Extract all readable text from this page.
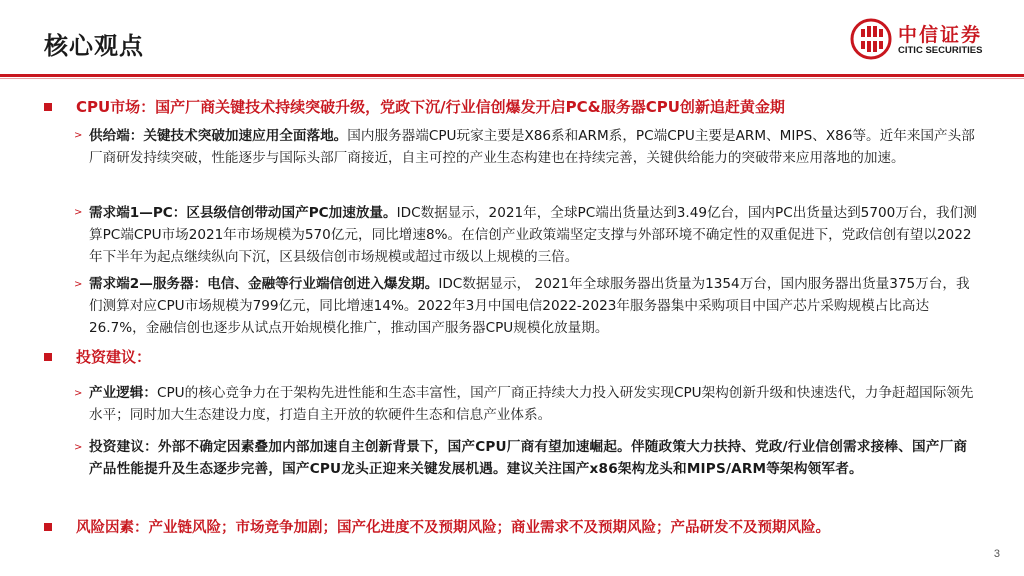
核心观点	中信证券
CITIC SECURITIES
CPU市场：国产厂商关键技术持续突破升级，党政下沉/行业信创爆发开启PC&服务器CPU创新追赶黄金期
> 供给端：关键技术突破加速应用全面落地。国内服务器端CPU玩家主要是X86系和ARM系，PC端CPU主要是ARM、MIPS、X86等。近年来国产头部厂商研发持续突破，性能逐步与国际头部厂商接近，自主可控的产业生态构建也在持续完善，关键供给能力的突破带来应用落地的加速。
> 需求端1—PC：区县级信创带动国产PC加速放量。IDC数据显示，2021年，全球PC端出货量达到3.49亿台，国内PC出货量达到5700万台，我们测算PC端CPU市场2021年市场规模为570亿元，同比增速8%。在信创产业政策端坚定支撑与外部环境不确定性的双重促进下，党政信创有望以2022年下半年为起点继续纵向下沉，区县级信创市场规模或超过市级以上规模的三倍。
> 需求端2—服务器：电信、金融等行业端信创进入爆发期。IDC数据显示， 2021年全球服务器出货量为1354万台，国内服务器出货量375万台，我们测算对应CPU市场规模为799亿元，同比增速14%。2022年3月中国电信2022-2023年服务器集中采购项目中国产芯片采购规模占比高达26.7%，金融信创也逐步从试点开始规模化推广，推动国产服务器CPU规模化放量期。
投资建议：
> 产业逻辑：CPU的核心竞争力在于架构先进性能和生态丰富性，国产厂商正持续大力投入研发实现CPU架构创新升级和快速迭代，力争赶超国际领先水平；同时加大生态建设力度，打造自主开放的软硬件生态和信息产业体系。
> 投资建议：外部不确定因素叠加内部加速自主创新背景下，国产CPU厂商有望加速崛起。伴随政策大力扶持、党政/行业信创需求接棒、国产厂商产品性能提升及生态逐步完善，国产CPU龙头正迎来关键发展机遇。建议关注国产x86架构龙头和MIPS/ARM等架构领军者。
风险因素：产业链风险；市场竞争加剧；国产化进度不及预期风险；商业需求不及预期风险；产品研发不及预期风险。
3
